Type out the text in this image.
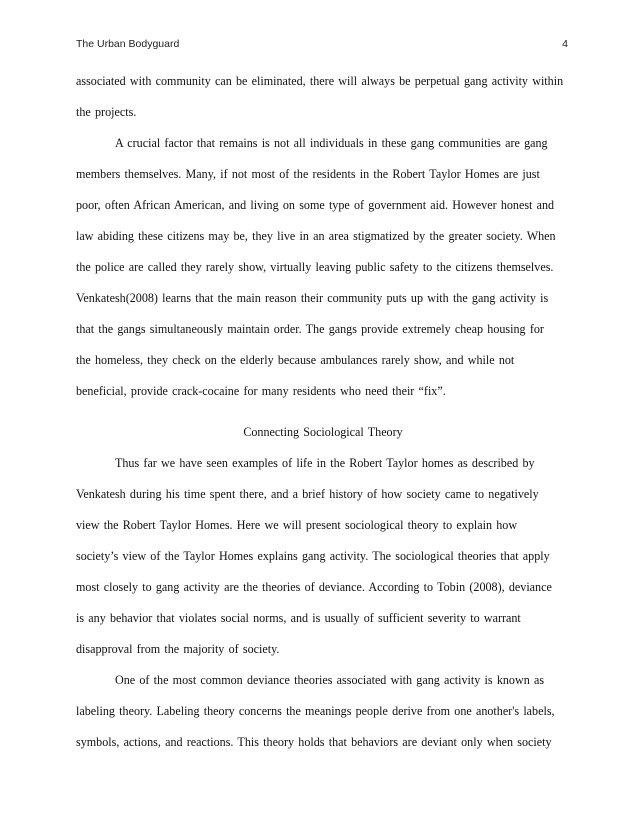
The Urban Bodyguard	4
associated with community can be eliminated, there will always be perpetual gang activity within
the projects.
A crucial factor that remains is not all individuals in these gang communities are gang
members themselves. Many, if not most of the residents in the Robert Taylor Homes are just
poor, often African American, and living on some type of government aid. However honest and
law abiding these citizens may be, they live in an area stigmatized by the greater society. When
the police are called they rarely show, virtually leaving public safety to the citizens themselves.
Venkatesh(2008) learns that the main reason their community puts up with the gang activity is
that the gangs simultaneously maintain order. The gangs provide extremely cheap housing for
the homeless, they check on the elderly because ambulances rarely show, and while not
beneficial, provide crack-cocaine for many residents who need their “fix”.
Connecting Sociological Theory
Thus far we have seen examples of life in the Robert Taylor homes as described by
Venkatesh during his time spent there, and a brief history of how society came to negatively
view the Robert Taylor Homes. Here we will present sociological theory to explain how
society’s view of the Taylor Homes explains gang activity. The sociological theories that apply
most closely to gang activity are the theories of deviance. According to Tobin (2008), deviance
is any behavior that violates social norms, and is usually of sufficient severity to warrant
disapproval from the majority of society.
One of the most common deviance theories associated with gang activity is known as
labeling theory. Labeling theory concerns the meanings people derive from one another's labels,
symbols, actions, and reactions. This theory holds that behaviors are deviant only when society
